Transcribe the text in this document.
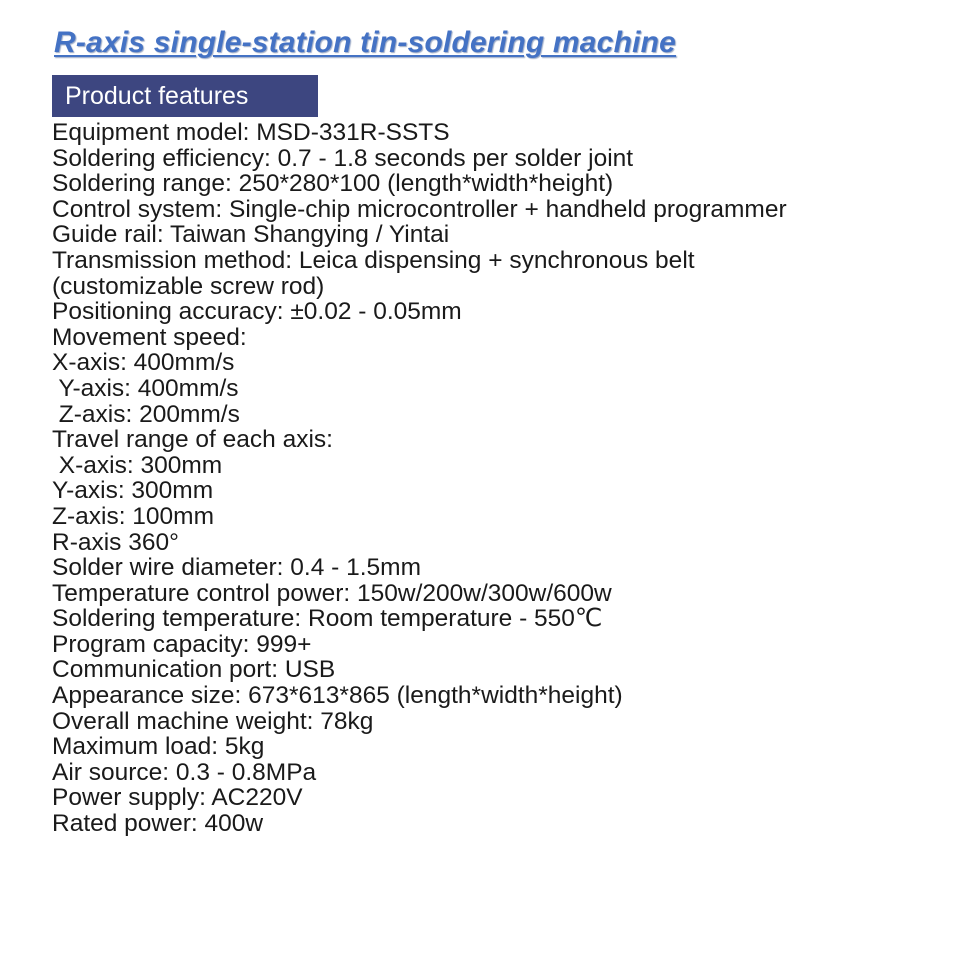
R-axis single-station tin-soldering machine
Product features
Equipment model: MSD-331R-SSTS
Soldering efficiency: 0.7 - 1.8 seconds per solder joint
Soldering range: 250*280*100 (length*width*height)
Control system: Single-chip microcontroller + handheld programmer
Guide rail: Taiwan Shangying / Yintai
Transmission method: Leica dispensing + synchronous belt
(customizable screw rod)
Positioning accuracy: ±0.02 - 0.05mm
Movement speed:
X-axis: 400mm/s
Y-axis: 400mm/s
Z-axis: 200mm/s
Travel range of each axis:
X-axis: 300mm
Y-axis: 300mm
Z-axis: 100mm
R-axis 360°
Solder wire diameter: 0.4 - 1.5mm
Temperature control power: 150w/200w/300w/600w
Soldering temperature: Room temperature - 550℃
Program capacity: 999+
Communication port: USB
Appearance size: 673*613*865 (length*width*height)
Overall machine weight: 78kg
Maximum load: 5kg
Air source: 0.3 - 0.8MPa
Power supply: AC220V
Rated power: 400w
